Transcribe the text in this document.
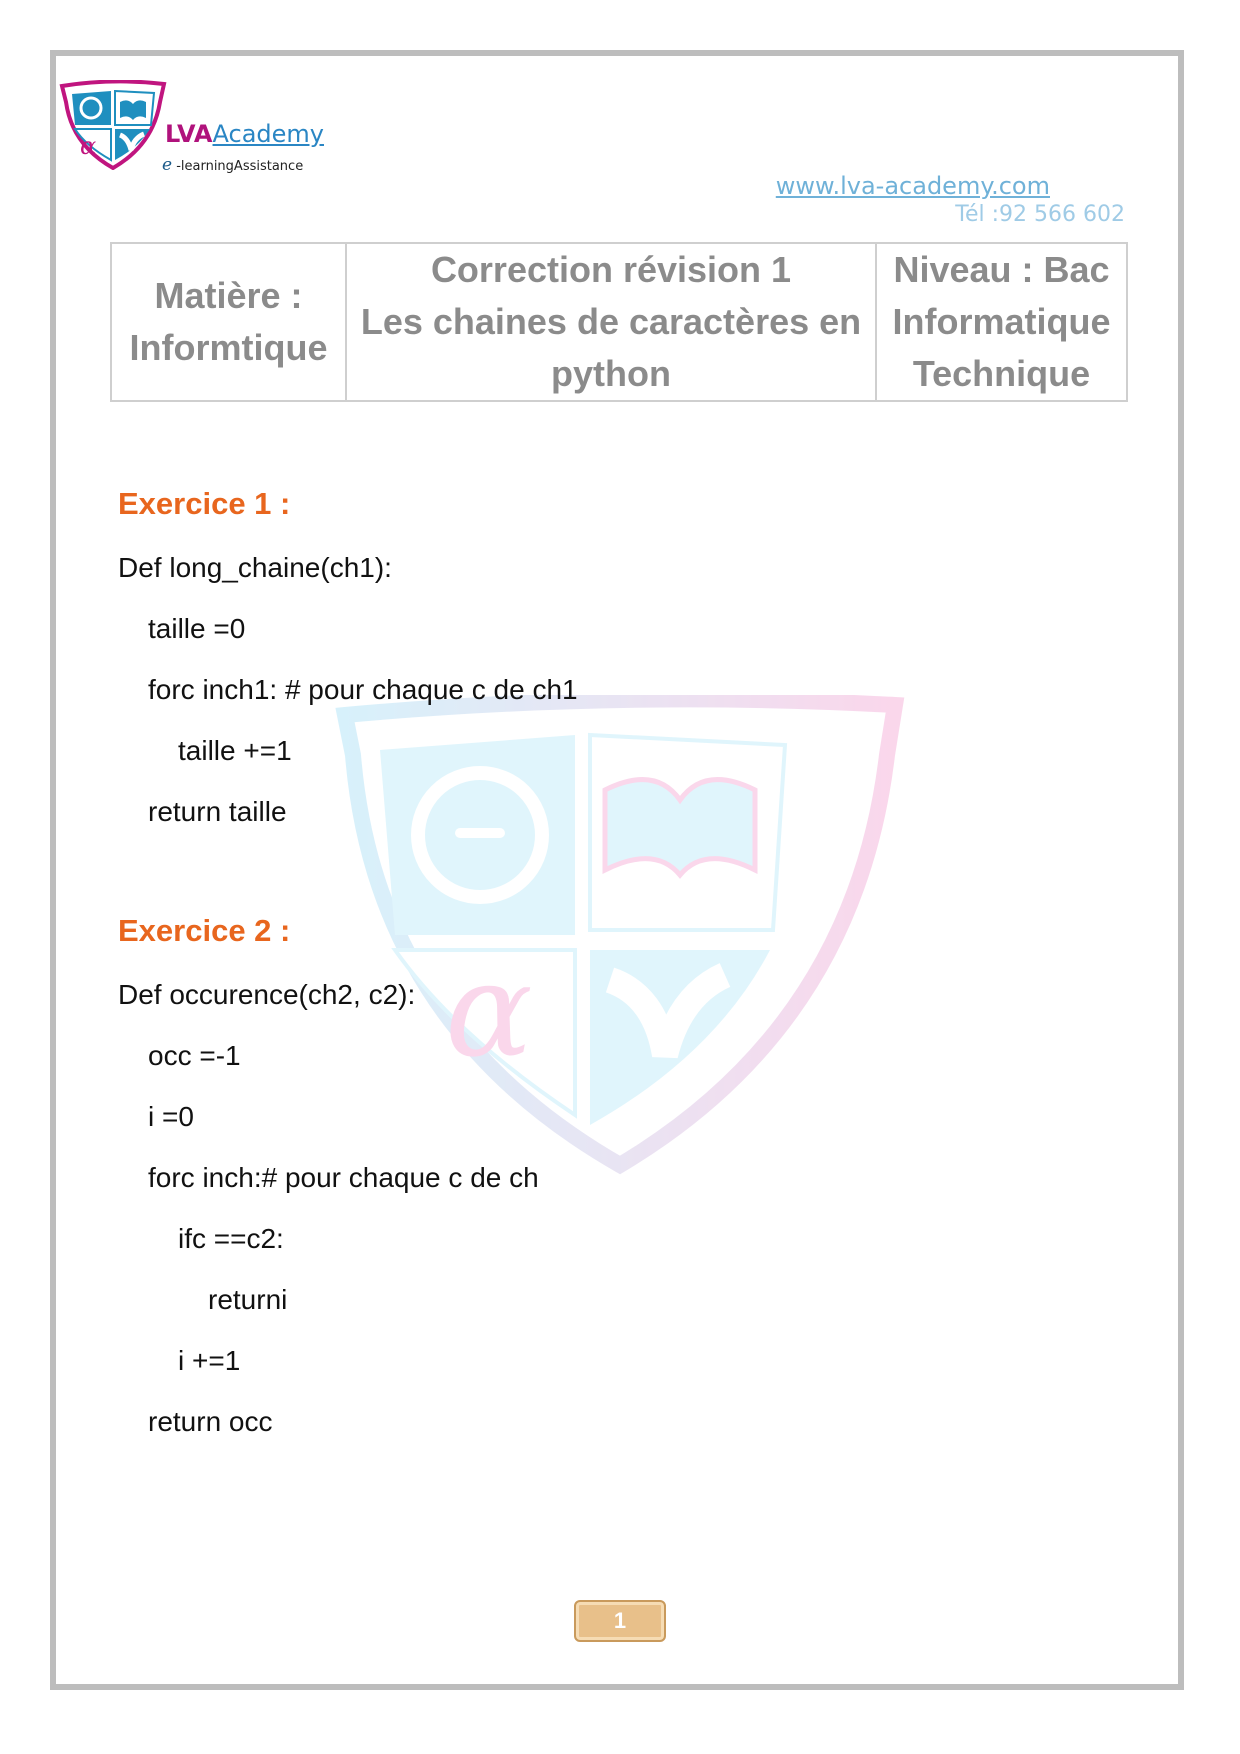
α
α	LVAAcademy
e -learningAssistance
www.lva-academy.com
Tél :92 566 602
Matière :
Informtique

Correction révision 1
Les chaines de caractères en
python

Niveau : Bac
Informatique
Technique
Exercice 1 :
Def long_chaine(ch1):
taille =0
forc inch1: # pour chaque c de ch1
taille +=1
return taille
Exercice 2 :
Def occurence(ch2, c2):
occ =-1
i =0
forc inch:# pour chaque c de ch
ifc ==c2:
returni
i +=1
return occ
1
